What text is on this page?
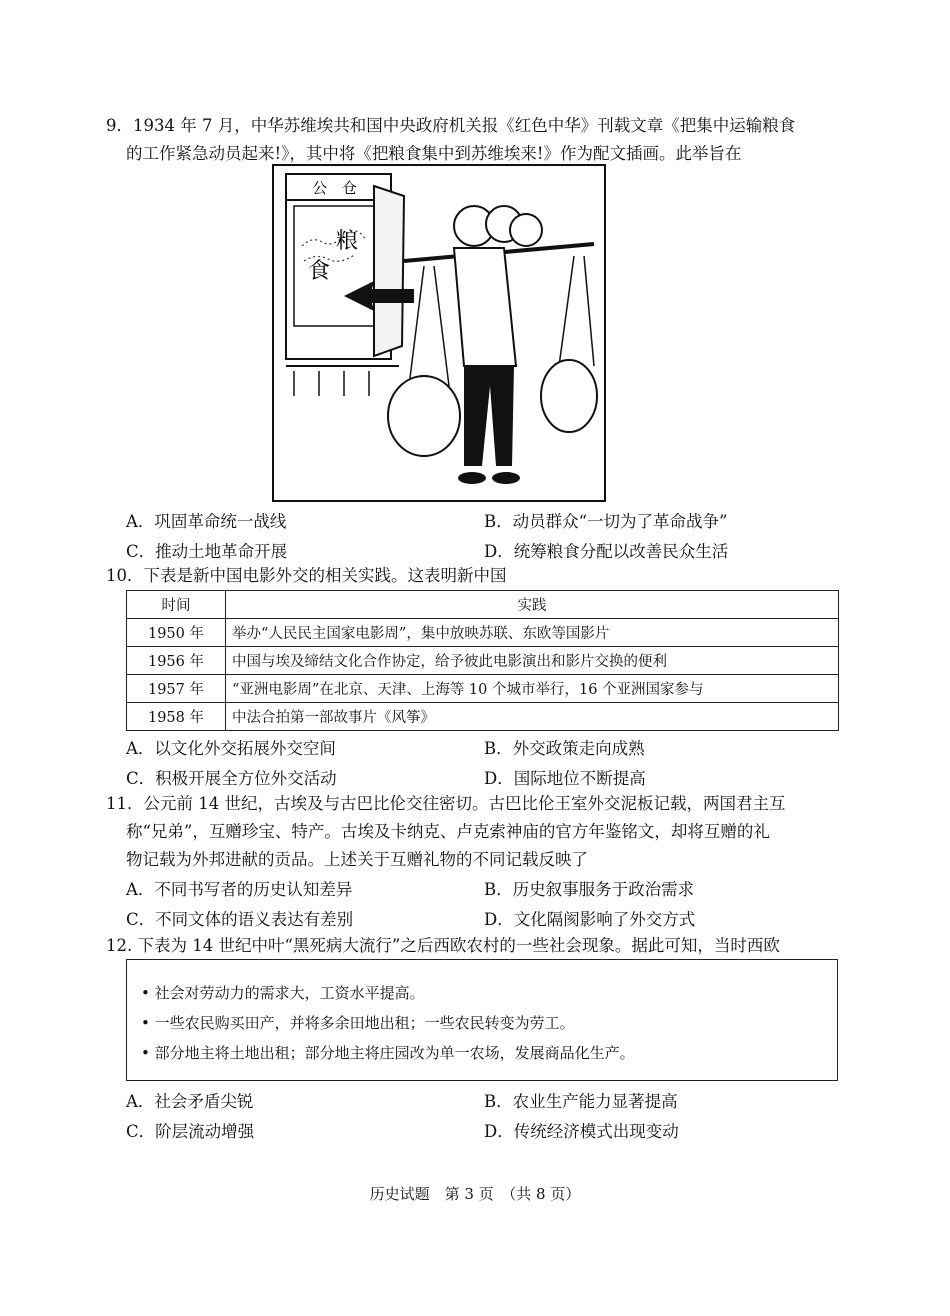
9．1934 年 7 月，中华苏维埃共和国中央政府机关报《红色中华》刊载文章《把集中运输粮食
的工作紧急动员起来!》，其中将《把粮食集中到苏维埃来!》作为配文插画。此举旨在
公　仓
粮
食
A．巩固革命统一战线	B．动员群众“一切为了革命战争”
C．推动土地革命开展	D．统筹粮食分配以改善民众生活
10．下表是新中国电影外交的相关实践。这表明新中国
时间	实践
1950 年	举办“人民民主国家电影周”，集中放映苏联、东欧等国影片
1956 年	中国与埃及缔结文化合作协定，给予彼此电影演出和影片交换的便利
1957 年	“亚洲电影周”在北京、天津、上海等 10 个城市举行，16 个亚洲国家参与
1958 年	中法合拍第一部故事片《风筝》
A．以文化外交拓展外交空间	B．外交政策走向成熟
C．积极开展全方位外交活动	D．国际地位不断提高
11．公元前 14 世纪，古埃及与古巴比伦交往密切。古巴比伦王室外交泥板记载，两国君主互
称“兄弟”，互赠珍宝、特产。古埃及卡纳克、卢克索神庙的官方年鉴铭文，却将互赠的礼
物记载为外邦进献的贡品。上述关于互赠礼物的不同记载反映了
A．不同书写者的历史认知差异	B．历史叙事服务于政治需求
C．不同文体的语义表达有差别	D．文化隔阂影响了外交方式
12. 下表为 14 世纪中叶“黑死病大流行”之后西欧农村的一些社会现象。据此可知，当时西欧
• 社会对劳动力的需求大，工资水平提高。
• 一些农民购买田产，并将多余田地出租；一些农民转变为劳工。
• 部分地主将土地出租；部分地主将庄园改为单一农场，发展商品化生产。
A．社会矛盾尖锐	B．农业生产能力显著提高
C．阶层流动增强	D．传统经济模式出现变动
历史试题　第 3 页　（共 8 页）
